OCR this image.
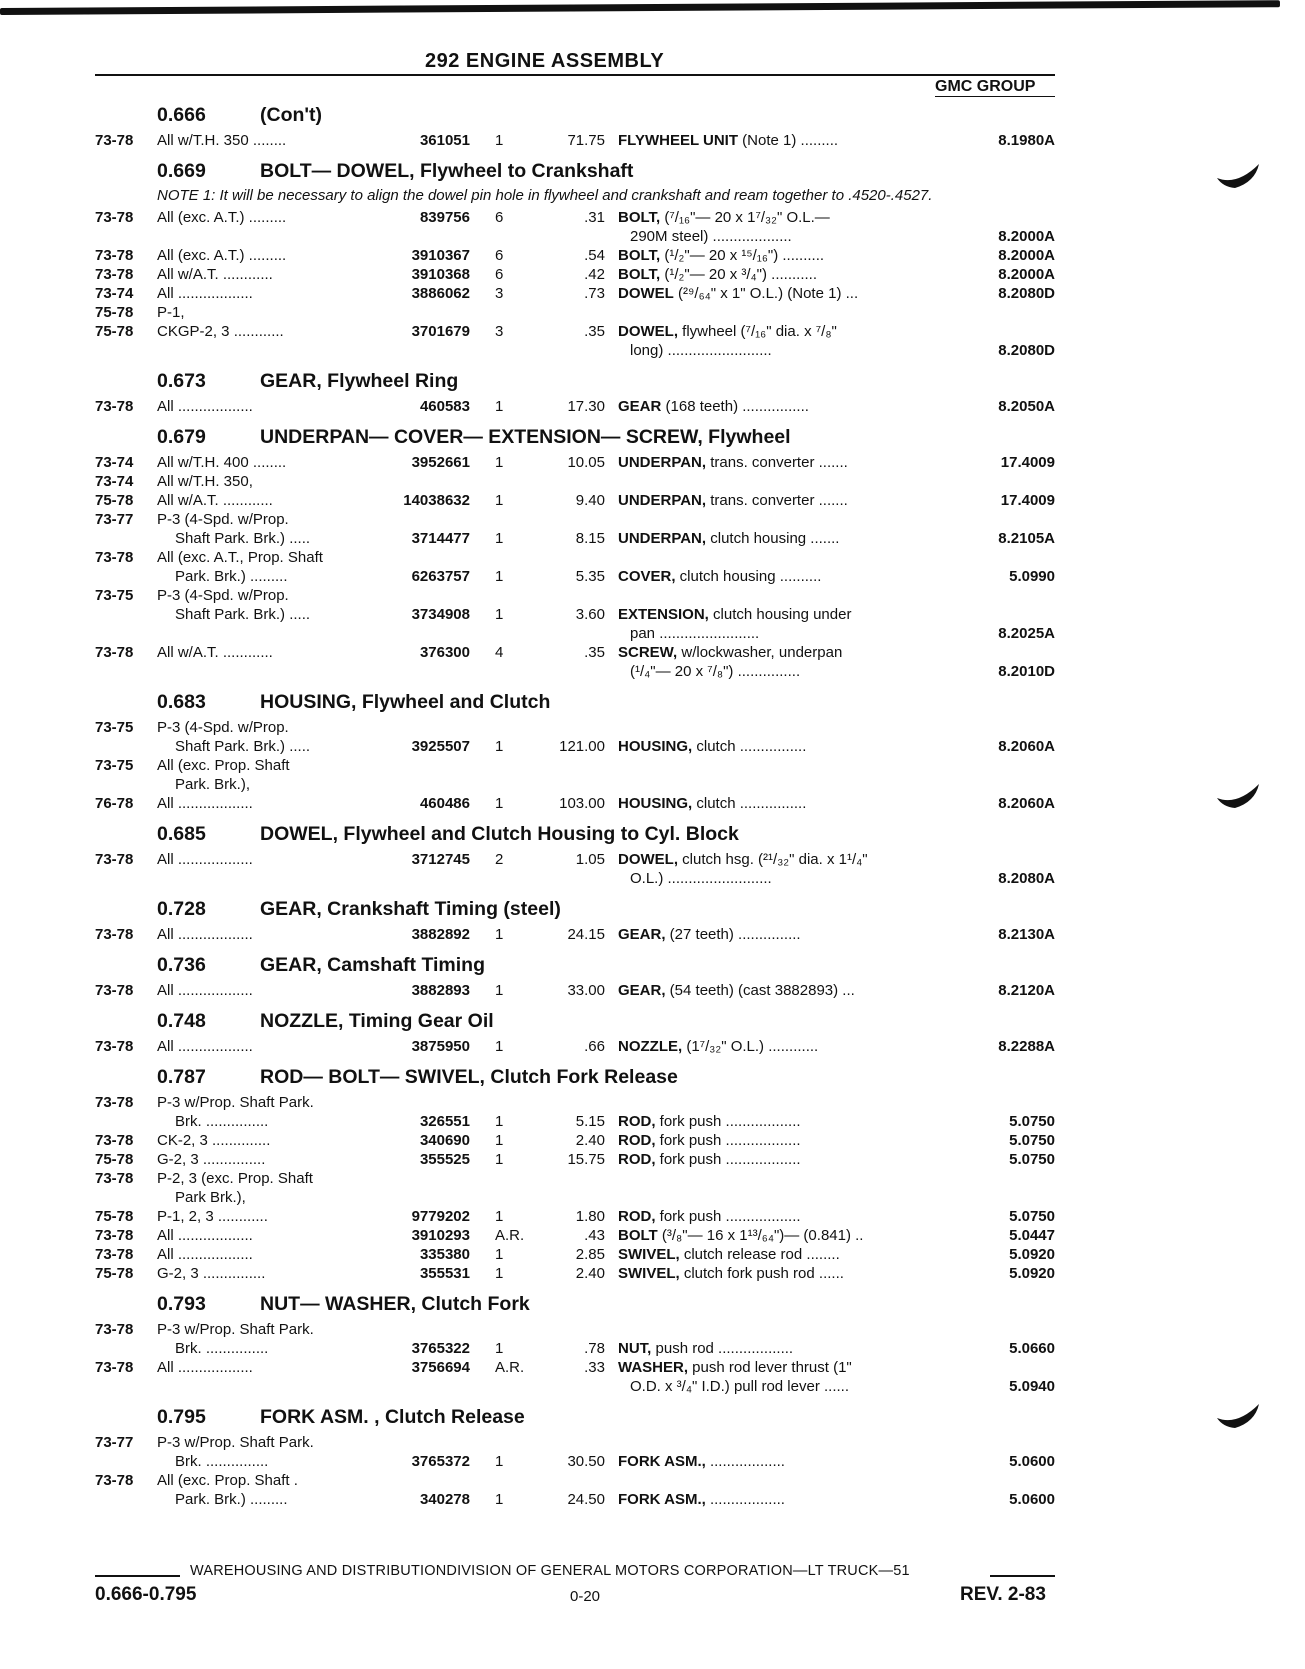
292 ENGINE ASSEMBLY
GMC GROUP
0.666	(Con't)
73-78	All w/T.H. 350 ........	361051 1	71.75 FLYWHEEL UNIT (Note 1) .........	8.1980A
0.669	BOLT— DOWEL, Flywheel to Crankshaft
NOTE 1: It will be necessary to align the dowel pin hole in flywheel and crankshaft and ream together to .4520-.4527.
73-78	All (exc. A.T.) .........	839756 6	.31 BOLT, (⁷/₁₆"— 20 x 1⁷/₃₂" O.L.—
290M steel) ...................	8.2000A
73-78	All (exc. A.T.) .........	3910367 6	.54 BOLT, (¹/₂"— 20 x ¹⁵/₁₆") ..........	8.2000A
73-78	All w/A.T. ............	3910368 6	.42 BOLT, (¹/₂"— 20 x ³/₄") ...........	8.2000A
73-74	All ..................	3886062 3	.73 DOWEL (²⁹/₆₄" x 1" O.L.) (Note 1) ...	8.2080D
75-78	P-1,
75-78	CKGP-2, 3 ............	3701679 3	.35 DOWEL, flywheel (⁷/₁₆" dia. x ⁷/₈"
long) .........................	8.2080D
0.673	GEAR, Flywheel Ring
73-78	All ..................	460583 1	17.30 GEAR (168 teeth) ................	8.2050A
0.679	UNDERPAN— COVER— EXTENSION— SCREW, Flywheel
73-74	All w/T.H. 400 ........	3952661 1	10.05 UNDERPAN, trans. converter .......	17.4009
73-74	All w/T.H. 350,
75-78	All w/A.T. ............	14038632 1	9.40 UNDERPAN, trans. converter .......	17.4009
73-77	P-3 (4-Spd. w/Prop.
Shaft Park. Brk.) .....	3714477 1	8.15 UNDERPAN, clutch housing .......	8.2105A
73-78	All (exc. A.T., Prop. Shaft
Park. Brk.) .........	6263757 1	5.35 COVER, clutch housing ..........	5.0990
73-75	P-3 (4-Spd. w/Prop.
Shaft Park. Brk.) .....	3734908 1	3.60 EXTENSION, clutch housing under
pan ........................	8.2025A
73-78	All w/A.T. ............	376300 4	.35 SCREW, w/lockwasher, underpan
(¹/₄"— 20 x ⁷/₈") ...............	8.2010D
0.683	HOUSING, Flywheel and Clutch
73-75	P-3 (4-Spd. w/Prop.
Shaft Park. Brk.) .....	3925507 1	121.00 HOUSING, clutch ................	8.2060A
73-75	All (exc. Prop. Shaft
Park. Brk.),
76-78	All ..................	460486 1	103.00 HOUSING, clutch ................	8.2060A
0.685	DOWEL, Flywheel and Clutch Housing to Cyl. Block
73-78	All ..................	3712745 2	1.05 DOWEL, clutch hsg. (²¹/₃₂" dia. x 1¹/₄"
O.L.) .........................	8.2080A
0.728	GEAR, Crankshaft Timing (steel)
73-78	All ..................	3882892 1	24.15 GEAR, (27 teeth) ...............	8.2130A
0.736	GEAR, Camshaft Timing
73-78	All ..................	3882893 1	33.00 GEAR, (54 teeth) (cast 3882893) ...	8.2120A
0.748	NOZZLE, Timing Gear Oil
73-78	All ..................	3875950 1	.66 NOZZLE, (1⁷/₃₂" O.L.) ............	8.2288A
0.787	ROD— BOLT— SWIVEL, Clutch Fork Release
73-78	P-3 w/Prop. Shaft Park.
Brk. ...............	326551 1	5.15 ROD, fork push ..................	5.0750
73-78	CK-2, 3 ..............	340690 1	2.40 ROD, fork push ..................	5.0750
75-78	G-2, 3 ...............	355525 1	15.75 ROD, fork push ..................	5.0750
73-78	P-2, 3 (exc. Prop. Shaft
Park Brk.),
75-78	P-1, 2, 3 ............	9779202 1	1.80 ROD, fork push ..................	5.0750
73-78	All ..................	3910293 A.R.	.43 BOLT (³/₈"— 16 x 1¹³/₆₄")— (0.841) ..	5.0447
73-78	All ..................	335380 1	2.85 SWIVEL, clutch release rod ........	5.0920
75-78	G-2, 3 ...............	355531 1	2.40 SWIVEL, clutch fork push rod ......	5.0920
0.793	NUT— WASHER, Clutch Fork
73-78	P-3 w/Prop. Shaft Park.
Brk. ...............	3765322 1	.78 NUT, push rod ..................	5.0660
73-78	All ..................	3756694 A.R.	.33 WASHER, push rod lever thrust (1"
O.D. x ³/₄" I.D.) pull rod lever ......	5.0940
0.795	FORK ASM. , Clutch Release
73-77	P-3 w/Prop. Shaft Park.
Brk. ...............	3765372 1	30.50 FORK ASM., ..................	5.0600
73-78	All (exc. Prop. Shaft .
Park. Brk.) .........	340278 1	24.50 FORK ASM., ..................	5.0600
WAREHOUSING AND DISTRIBUTIONDIVISION OF GENERAL MOTORS CORPORATION—LT TRUCK—51
0.666-0.795	0-20	REV. 2-83
